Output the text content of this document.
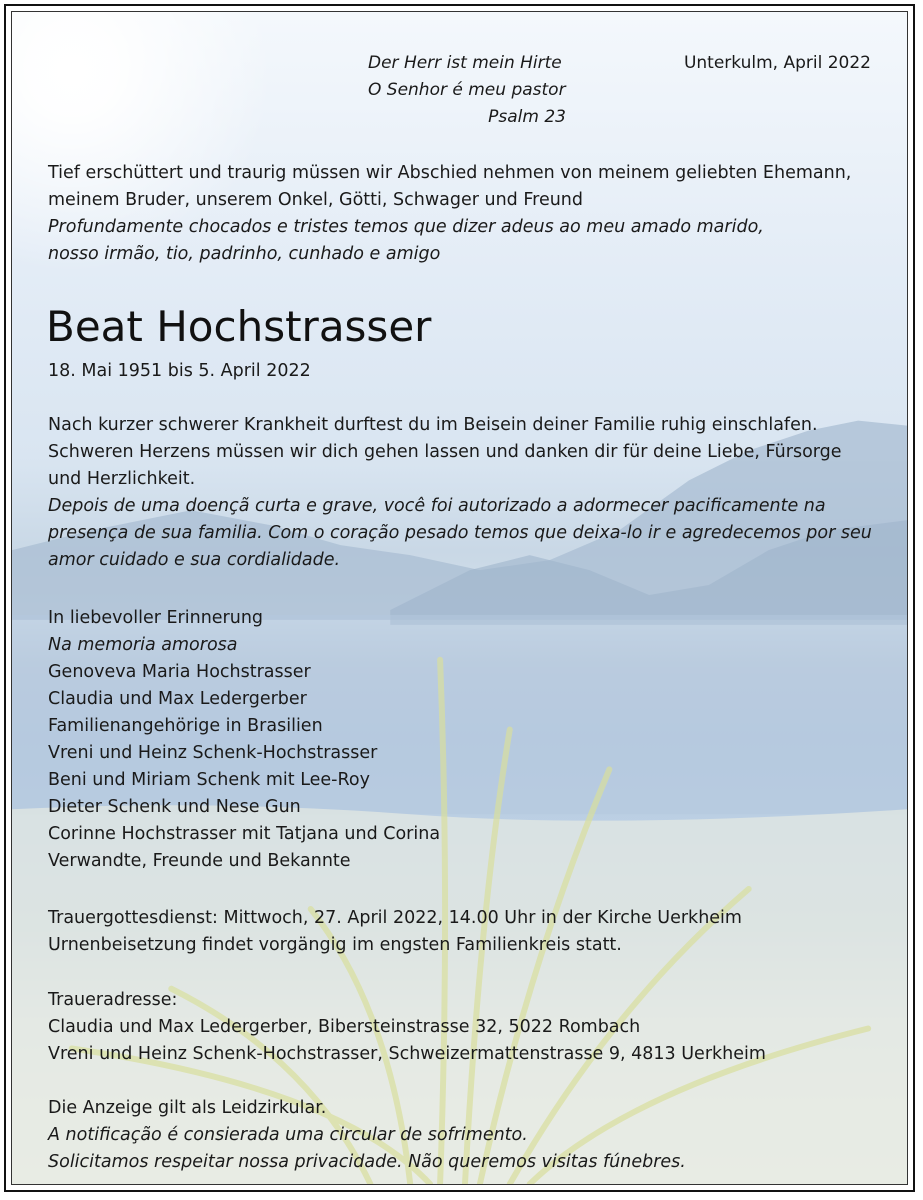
Der Herr ist mein Hirte
O Senhor é meu pastor
Psalm 23
Unterkulm, April 2022
Tief erschüttert und traurig müssen wir Abschied nehmen von meinem geliebten Ehemann,
meinem Bruder, unserem Onkel, Götti, Schwager und Freund
Profundamente chocados e tristes temos que dizer adeus ao meu amado marido,
nosso irmão, tio, padrinho, cunhado e amigo
Beat Hochstrasser
18. Mai 1951 bis 5. April 2022
Nach kurzer schwerer Krankheit durftest du im Beisein deiner Familie ruhig einschlafen.
Schweren Herzens müssen wir dich gehen lassen und danken dir für deine Liebe, Fürsorge
und Herzlichkeit.
Depois de uma doençã curta e grave, você foi autorizado a adormecer pacificamente na
presença de sua familia. Com o coração pesado temos que deixa-lo ir e agredecemos por seu
amor cuidado e sua cordialidade.
In liebevoller Erinnerung
Na memoria amorosa
Genoveva Maria Hochstrasser
Claudia und Max Ledergerber
Familienangehörige in Brasilien
Vreni und Heinz Schenk-Hochstrasser
Beni und Miriam Schenk mit Lee-Roy
Dieter Schenk und Nese Gun
Corinne Hochstrasser mit Tatjana und Corina
Verwandte, Freunde und Bekannte
Trauergottesdienst: Mittwoch, 27. April 2022, 14.00 Uhr in der Kirche Uerkheim
Urnenbeisetzung findet vorgängig im engsten Familienkreis statt.
Traueradresse:
Claudia und Max Ledergerber, Bibersteinstrasse 32, 5022 Rombach
Vreni und Heinz Schenk-Hochstrasser, Schweizermattenstrasse 9, 4813 Uerkheim
Die Anzeige gilt als Leidzirkular.
A notificação é consierada uma circular de sofrimento.
Solicitamos respeitar nossa privacidade. Não queremos visitas fúnebres.
